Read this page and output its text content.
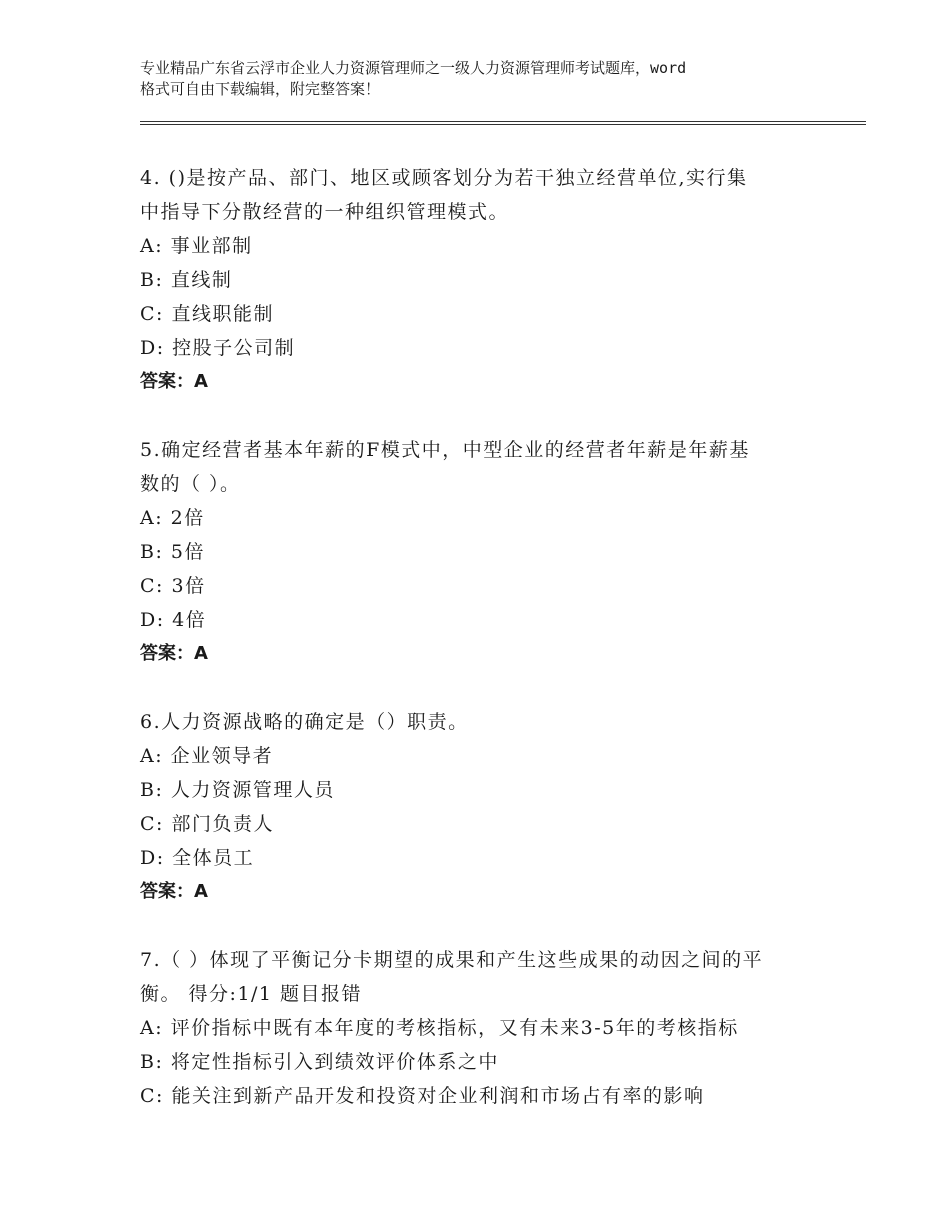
专业精品广东省云浮市企业人力资源管理师之一级人力资源管理师考试题库，word
格式可自由下载编辑，附完整答案！

4. ()是按产品、部门、地区或顾客划分为若干独立经营单位,实行集

中指导下分散经营的一种组织管理模式。

A: 事业部制

B: 直线制

C: 直线职能制

D: 控股子公司制

答案：A

5.确定经营者基本年薪的F模式中，中型企业的经营者年薪是年薪基

数的（ ）。

A: 2倍

B: 5倍

C: 3倍

D: 4倍

答案：A

6.人力资源战略的确定是（）职责。

A: 企业领导者

B: 人力资源管理人员

C: 部门负责人

D: 全体员工

答案：A

7.（ ）体现了平衡记分卡期望的成果和产生这些成果的动因之间的平

衡。 得分:1/1 题目报错

A: 评价指标中既有本年度的考核指标，又有未来3-5年的考核指标

B: 将定性指标引入到绩效评价体系之中

C: 能关注到新产品开发和投资对企业利润和市场占有率的影响
